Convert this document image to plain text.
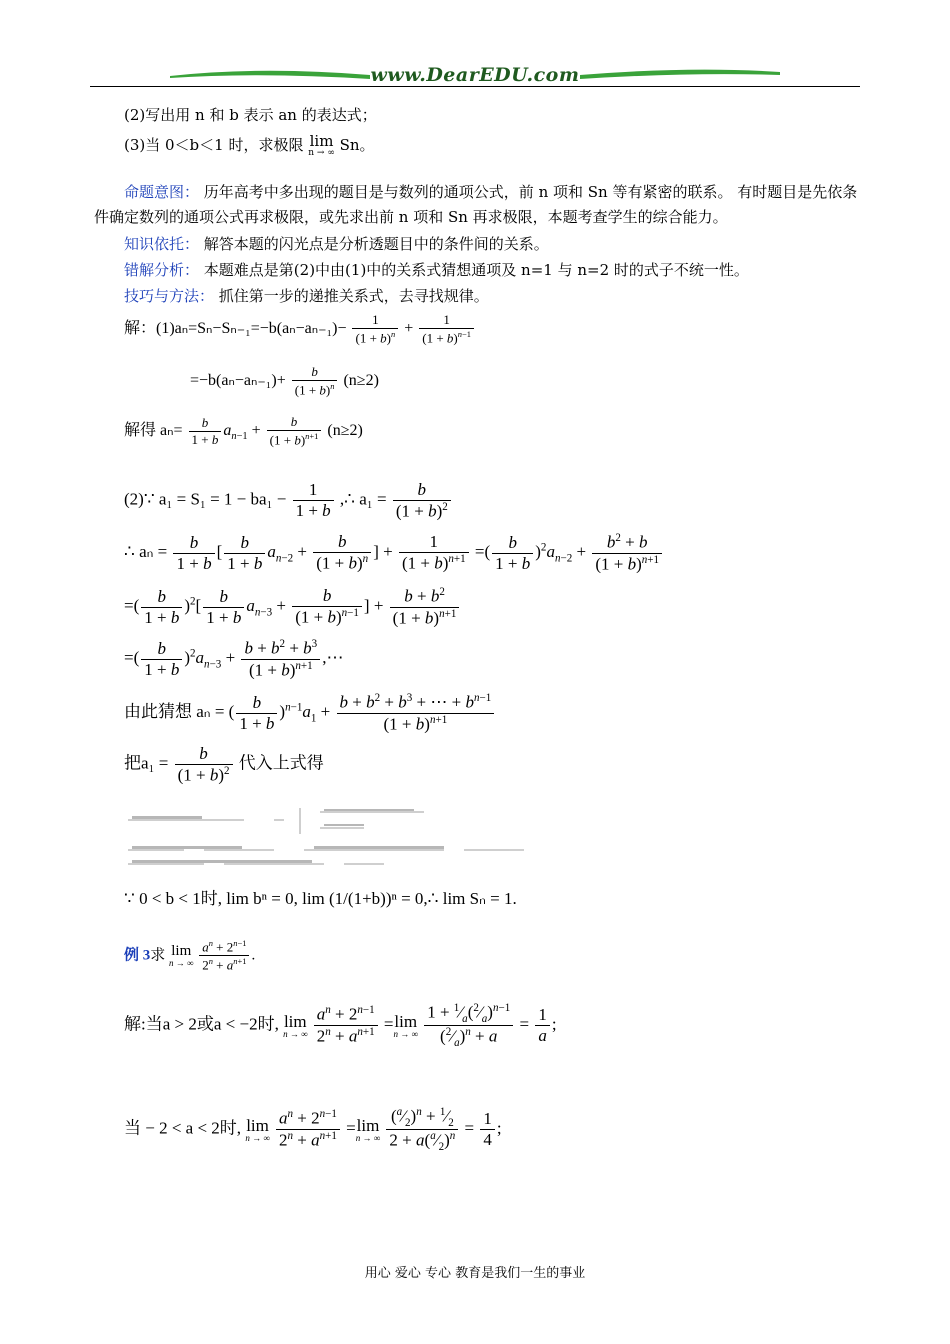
www.DearEDU.com
(2)写出用 n 和 b 表示 an 的表达式；
(3)当 0＜b＜1 时，求极限 lim
n → ∞ Sn。
命题意图： 历年高考中多出现的题目是与数列的通项公式，前 n 项和 Sn 等有紧密的联系。 有时题目是先依条件确定数列的通项公式再求极限，或先求出前 n 项和 Sn 再求极限，本题考查学生的综合能力。
知识依托： 解答本题的闪光点是分析透题目中的条件间的关系。
错解分析： 本题难点是第(2)中由(1)中的关系式猜想通项及 n=1 与 n=2 时的式子不统一性。
技巧与方法： 抓住第一步的递推关系式，去寻找规律。
解：$(1)a_n=S_n-S_{n-1}=-b(a_n-a_{n-1})- \frac{1}{(1 + b)^n} + \frac{1}{(1 + b)^{n-1}}$
$=-b(a_n-a_{n-1})+ \frac{b}{(1 + b)^n} (n\ge 2)$
解得 $a_n= \frac{b}{1 + b} a_{n-1} + \frac{b}{(1 + b)^{n+1}} (n\ge 2)$
(2)∵ $a_1 = S_1 = 1 - ba_1 - \frac{1}{1 + b}$ ,∴ $a_1 = \frac{b}{(1 + b)^2}$
∴ $a_n = \frac{b}{1 + b}$ [ $\frac{b}{1 + b} a_{n-2} + \frac{b}{(1 + b)^n}$ ] + $\frac{1}{(1 + b)^{n+1}}$ =( $\frac{b}{1 + b} )^2a_{n-2} + \frac{b^2 + b}{(1 + b)^{n+1}}$
=( $\frac{b}{1 + b} )^2[ \frac{b}{1 + b} a_{n-3} + \frac{b}{(1 + b)^{n-1}}$ ] + $\frac{b + b^2}{(1 + b)^{n+1}}$
=( $\frac{b}{1 + b} )^2a_{n-3} + \frac{b + b^2 + b^3}{(1 + b)^{n+1}}$ ,⋯
由此猜想 aₙ = ( $\frac{b}{1 + b} )^{n-1}a_1 + \frac{b + b^2 + b^3 + \cdots + b^{n-1}}{(1 + b)^{n+1}}$
把$a_1 = \frac{b}{(1 + b)^2}$ 代入上式得
∵ 0 < b < 1时, lim bⁿ = 0, lim (1/(1+b))ⁿ = 0,∴ lim Sₙ = 1.
例 3求 lim
n → ∞
$\frac{a^n + 2^{n-1}}{2^n + a^{n+1}}$ .
解:当a > 2或a < −2时, lim
n → ∞
$\frac{a^n + 2^{n-1}}{2^n + a^{n+1}} =\lim$
n → ∞
$\frac{1 + ^1⁄_a(^2⁄_a)^{n-1}}{(^2⁄_a)^n + a} = \frac{1}{a}$ ;
当 − 2 < a < 2时, lim
n → ∞
$\frac{a^n + 2^{n-1}}{2^n + a^{n+1}} =\lim$
n → ∞
$\frac{(^a⁄_2)^n + ^1⁄_2}{2 + a(^a⁄_2)^n} = \frac{1}{4}$ ;
用心 爱心 专心 教育是我们一生的事业
